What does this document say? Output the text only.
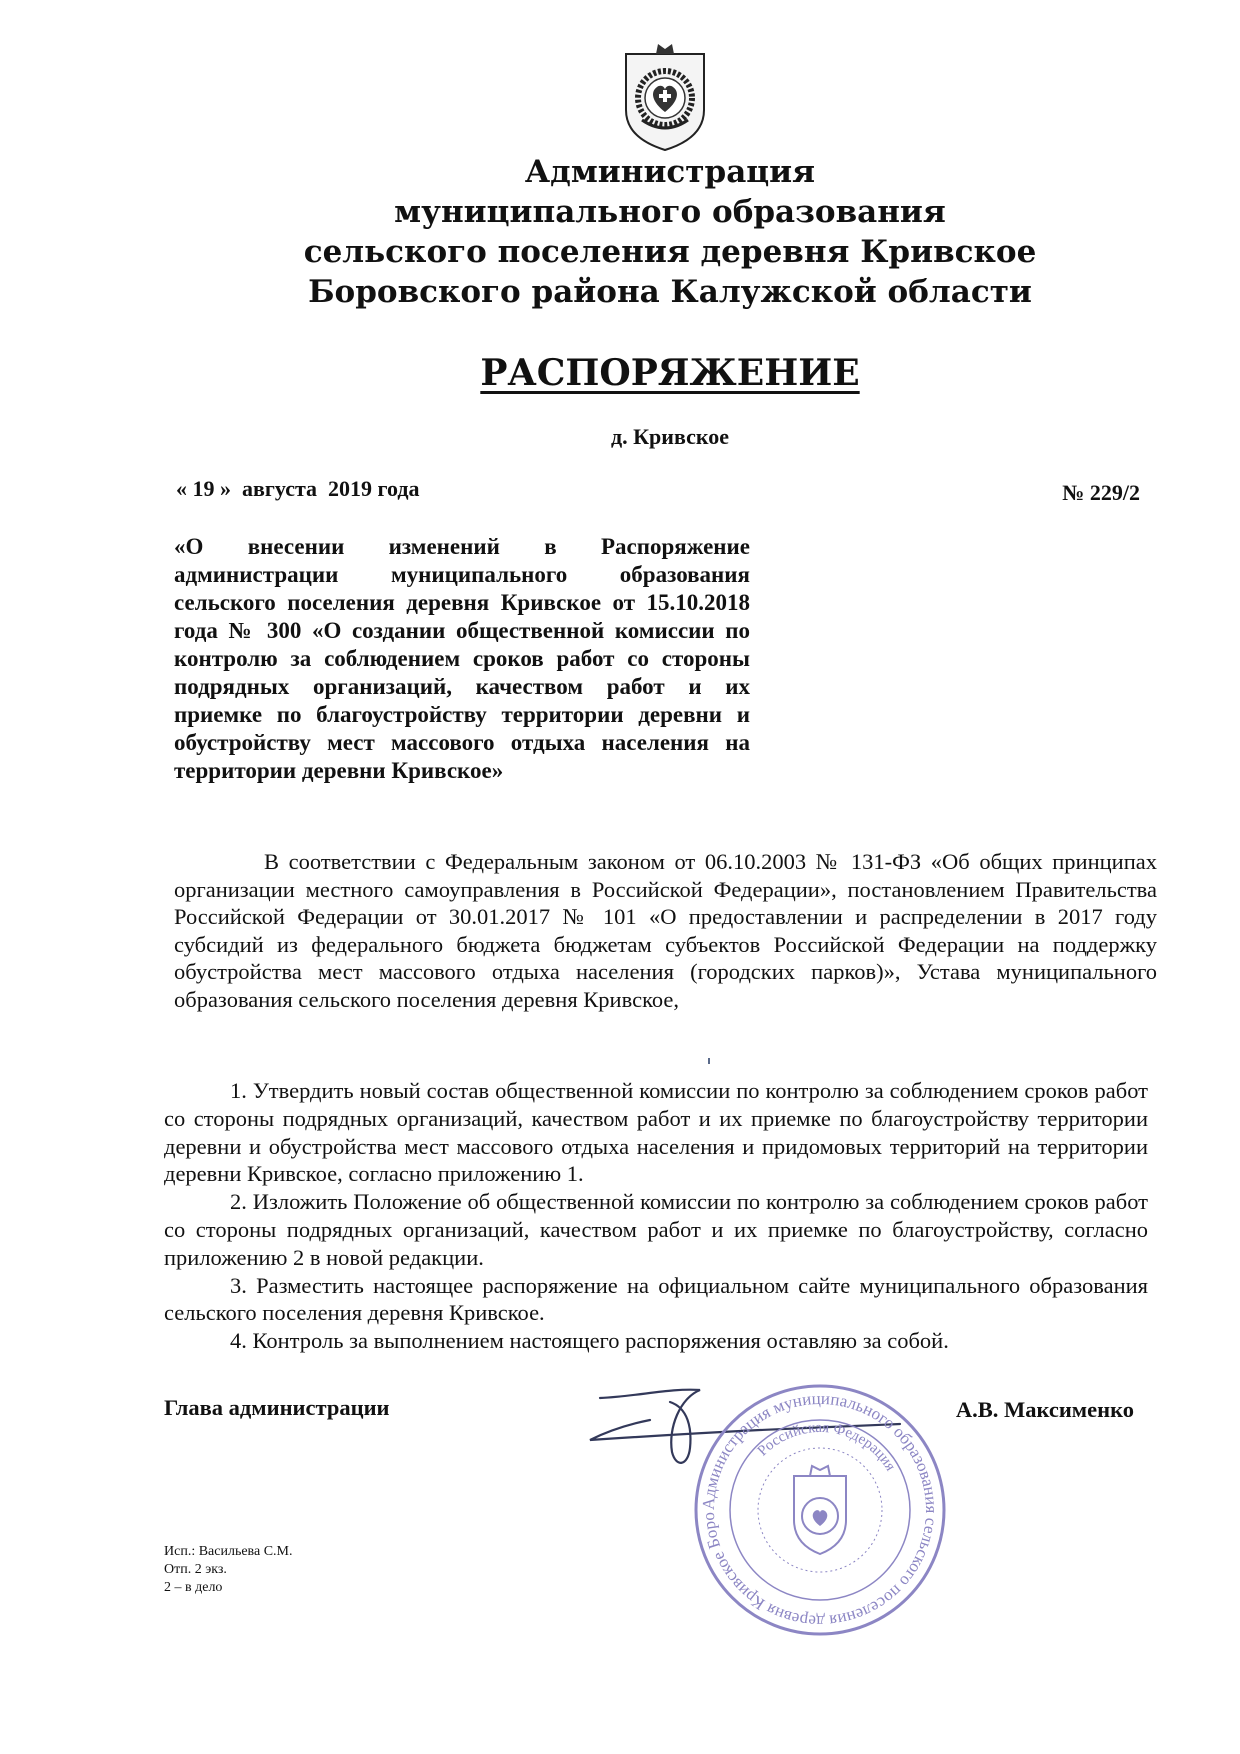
Администрация
муниципального образования
сельского поселения деревня Кривское
Боровского района Калужской области
РАСПОРЯЖЕНИЕ
д. Кривское
« 19 »  августа  2019 года	№ 229/2
«О внесении изменений в Распоряжение администрации муниципального образования сельского поселения деревня Кривское от 15.10.2018 года № 300 «О создании общественной комиссии по контролю за соблюдением сроков работ со стороны подрядных организаций, качеством работ и их приемке по благоустройству территории деревни и обустройству мест массового отдыха населения на территории деревни Кривское»
В соответствии с Федеральным законом от 06.10.2003 № 131-ФЗ «Об общих принципах организации местного самоуправления в Российской Федерации», постановлением Правительства Российской Федерации от 30.01.2017 № 101 «О предоставлении и распределении в 2017 году субсидий из федерального бюджета бюджетам субъектов Российской Федерации на поддержку обустройства мест массового отдыха населения (городских парков)», Устава муниципального образования сельского поселения деревня Кривское,

1. Утвердить новый состав общественной комиссии по контролю за соблюдением сроков работ со стороны подрядных организаций, качеством работ и их приемке по благоустройству территории деревни и обустройства мест массового отдыха населения и придомовых территорий на территории деревни Кривское, согласно приложению 1.

2. Изложить Положение об общественной комиссии по контролю за соблюдением сроков работ со стороны подрядных организаций, качеством работ и их приемке по благоустройству, согласно приложению 2 в новой редакции.

3. Разместить настоящее распоряжение на официальном сайте муниципального образования сельского поселения деревня Кривское.

4. Контроль за выполнением настоящего распоряжения оставляю за собой.

Администрация муниципального образования сельского поселения деревня Кривское Боро
Российская Федерация
Глава администрации	А.В. Максименко
Исп.: Васильева С.М.
Отп. 2 экз.
2 – в дело
